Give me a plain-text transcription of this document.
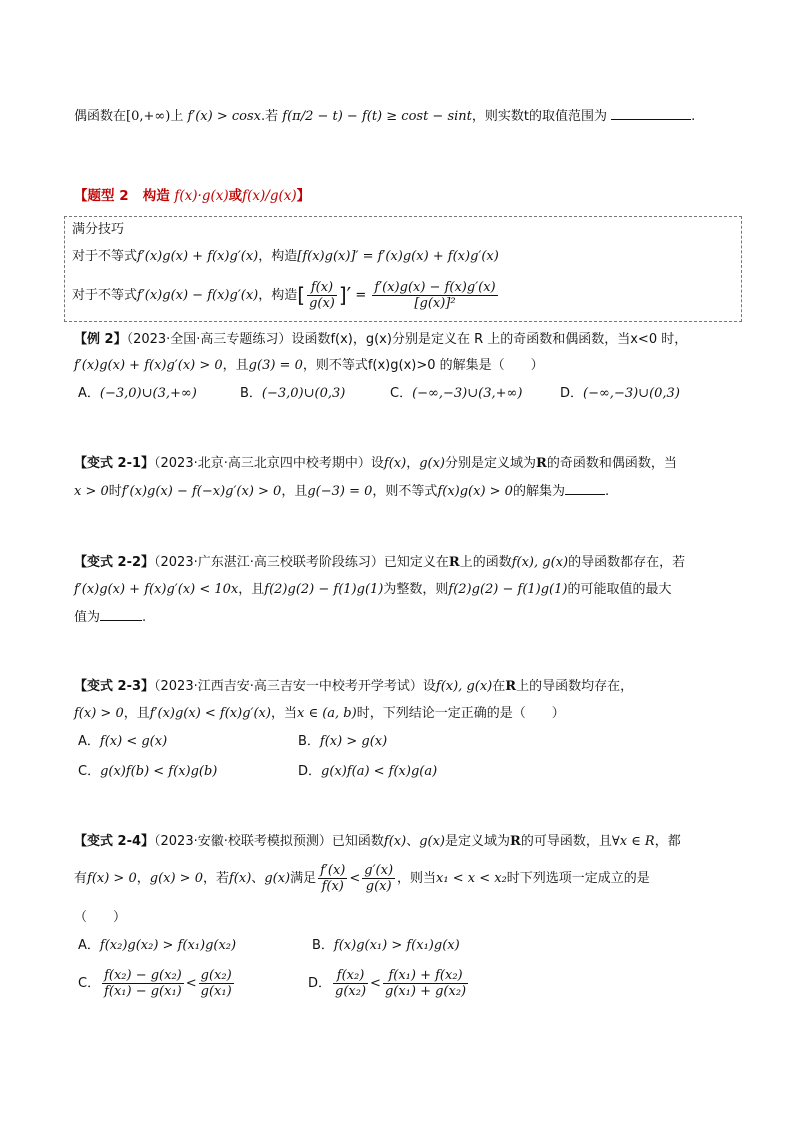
偶函数在[0,+∞)上 f′(x) > cosx.若 f(π/2 − t) − f(t) ≥ cost − sint，则实数t的取值范围为	.
【题型 2 构造 f(x)·g(x)或f(x)/g(x)】
满分技巧
对于不等式f′(x)g(x) + f(x)g′(x)，构造[f(x)g(x)]′ = f′(x)g(x) + f(x)g′(x)
对于不等式f′(x)g(x) − f(x)g′(x)，构造[ $\frac{f(x)}{g(x)}$ ]′ = $\frac{f'(x)g(x) - f(x)g'(x)}{\text{[g(x)]²}}$
【例 2】（2023·全国·高三专题练习）设函数f(x)，g(x)分别是定义在 R 上的奇函数和偶函数，当x<0 时，
f′(x)g(x) + f(x)g′(x) > 0，且g(3) = 0，则不等式f(x)g(x)>0 的解集是（　　）
A．(−3,0)∪(3,+∞)	B．(−3,0)∪(0,3)	C．(−∞,−3)∪(3,+∞)	D．(−∞,−3)∪(0,3)
【变式 2-1】（2023·北京·高三北京四中校考期中）设f(x)，g(x)分别是定义域为R的奇函数和偶函数，当
x > 0时f′(x)g(x) − f(−x)g′(x) > 0，且g(−3) = 0，则不等式f(x)g(x) > 0的解集为	.
【变式 2-2】（2023·广东湛江·高三校联考阶段练习）已知定义在R上的函数f(x), g(x)的导函数都存在，若
f′(x)g(x) + f(x)g′(x) < 10x，且f(2)g(2) − f(1)g(1)为整数，则f(2)g(2) − f(1)g(1)的可能取值的最大
值为	.
【变式 2-3】（2023·江西吉安·高三吉安一中校考开学考试）设f(x), g(x)在R上的导函数均存在，
f(x) > 0，且f′(x)g(x) < f(x)g′(x)，当x ∈ (a, b)时，下列结论一定正确的是（　　）
A．f(x) < g(x)	B．f(x) > g(x)
C．g(x)f(b) < f(x)g(b)	D．g(x)f(a) < f(x)g(a)
【变式 2-4】（2023·安徽·校联考模拟预测）已知函数f(x)、g(x)是定义域为R的可导函数，且∀x ∈ R，都
有f(x) > 0，g(x) > 0，若f(x)、g(x)满足 $\frac{f'(x)}{f(x)} < \frac{g'(x)}{g(x)}$ ，则当x₁ < x < x₂时下列选项一定成立的是
（　　）
A．f(x₂)g(x₂) > f(x₁)g(x₂)	B．f(x)g(x₁) > f(x₁)g(x)
C． $\frac{\text{f(x₂) − g(x₂)}}{\text{f(x₁) − g(x₁)}} < \frac{\text{g(x₂)}}{\text{g(x₁)}}$	D． $\frac{\text{f(x₂)}}{\text{g(x₂)}} < \frac{\text{f(x₁) + f(x₂)}}{\text{g(x₁) + g(x₂)}}$
